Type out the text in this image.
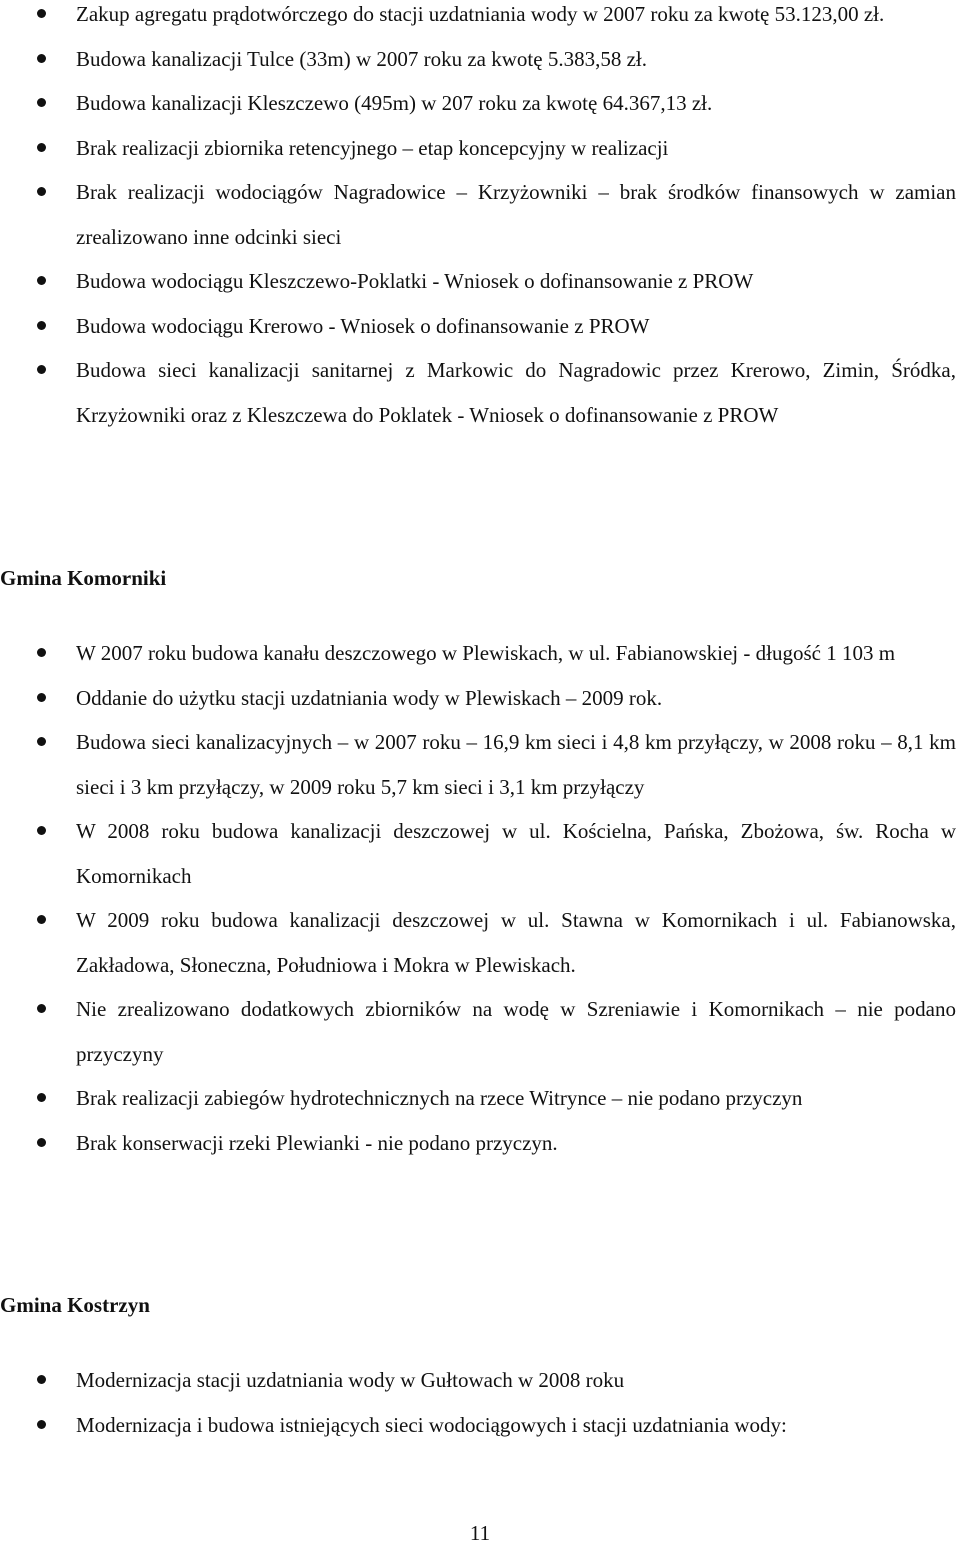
Zakup agregatu prądotwórczego do stacji uzdatniania wody w 2007 roku za kwotę 53.123,00 zł.
Budowa kanalizacji Tulce (33m) w 2007 roku za kwotę 5.383,58 zł.
Budowa kanalizacji Kleszczewo (495m) w 207 roku za kwotę 64.367,13 zł.
Brak realizacji zbiornika retencyjnego – etap koncepcyjny w realizacji
Brak realizacji wodociągów Nagradowice – Krzyżowniki – brak środków finansowych w zamian zrealizowano inne odcinki sieci
Budowa wodociągu Kleszczewo-Poklatki - Wniosek o dofinansowanie z PROW
Budowa wodociągu Krerowo - Wniosek o dofinansowanie z PROW
Budowa sieci kanalizacji sanitarnej z Markowic do Nagradowic przez Krerowo, Zimin, Śródka, Krzyżowniki oraz z Kleszczewa do Poklatek - Wniosek o dofinansowanie z PROW
Gmina Komorniki
W 2007 roku budowa kanału deszczowego w Plewiskach, w ul. Fabianowskiej - długość 1 103 m
Oddanie do użytku stacji uzdatniania wody w Plewiskach – 2009 rok.
Budowa sieci kanalizacyjnych – w 2007 roku – 16,9 km sieci i 4,8 km przyłączy, w 2008 roku – 8,1 km sieci i 3 km przyłączy, w 2009 roku 5,7 km sieci i 3,1 km przyłączy
W 2008 roku budowa kanalizacji deszczowej w ul. Kościelna, Pańska, Zbożowa, św. Rocha w Komornikach
W 2009 roku budowa kanalizacji deszczowej w ul. Stawna w Komornikach i ul. Fabianowska, Zakładowa, Słoneczna, Południowa i Mokra w Plewiskach.
Nie zrealizowano dodatkowych zbiorników na wodę w Szreniawie i Komornikach – nie podano przyczyny
Brak realizacji zabiegów hydrotechnicznych na rzece Witrynce – nie podano przyczyn
Brak konserwacji rzeki Plewianki - nie podano przyczyn.
Gmina Kostrzyn
Modernizacja stacji uzdatniania wody w Gułtowach w 2008 roku
Modernizacja i budowa istniejących sieci wodociągowych i stacji uzdatniania wody:
11
